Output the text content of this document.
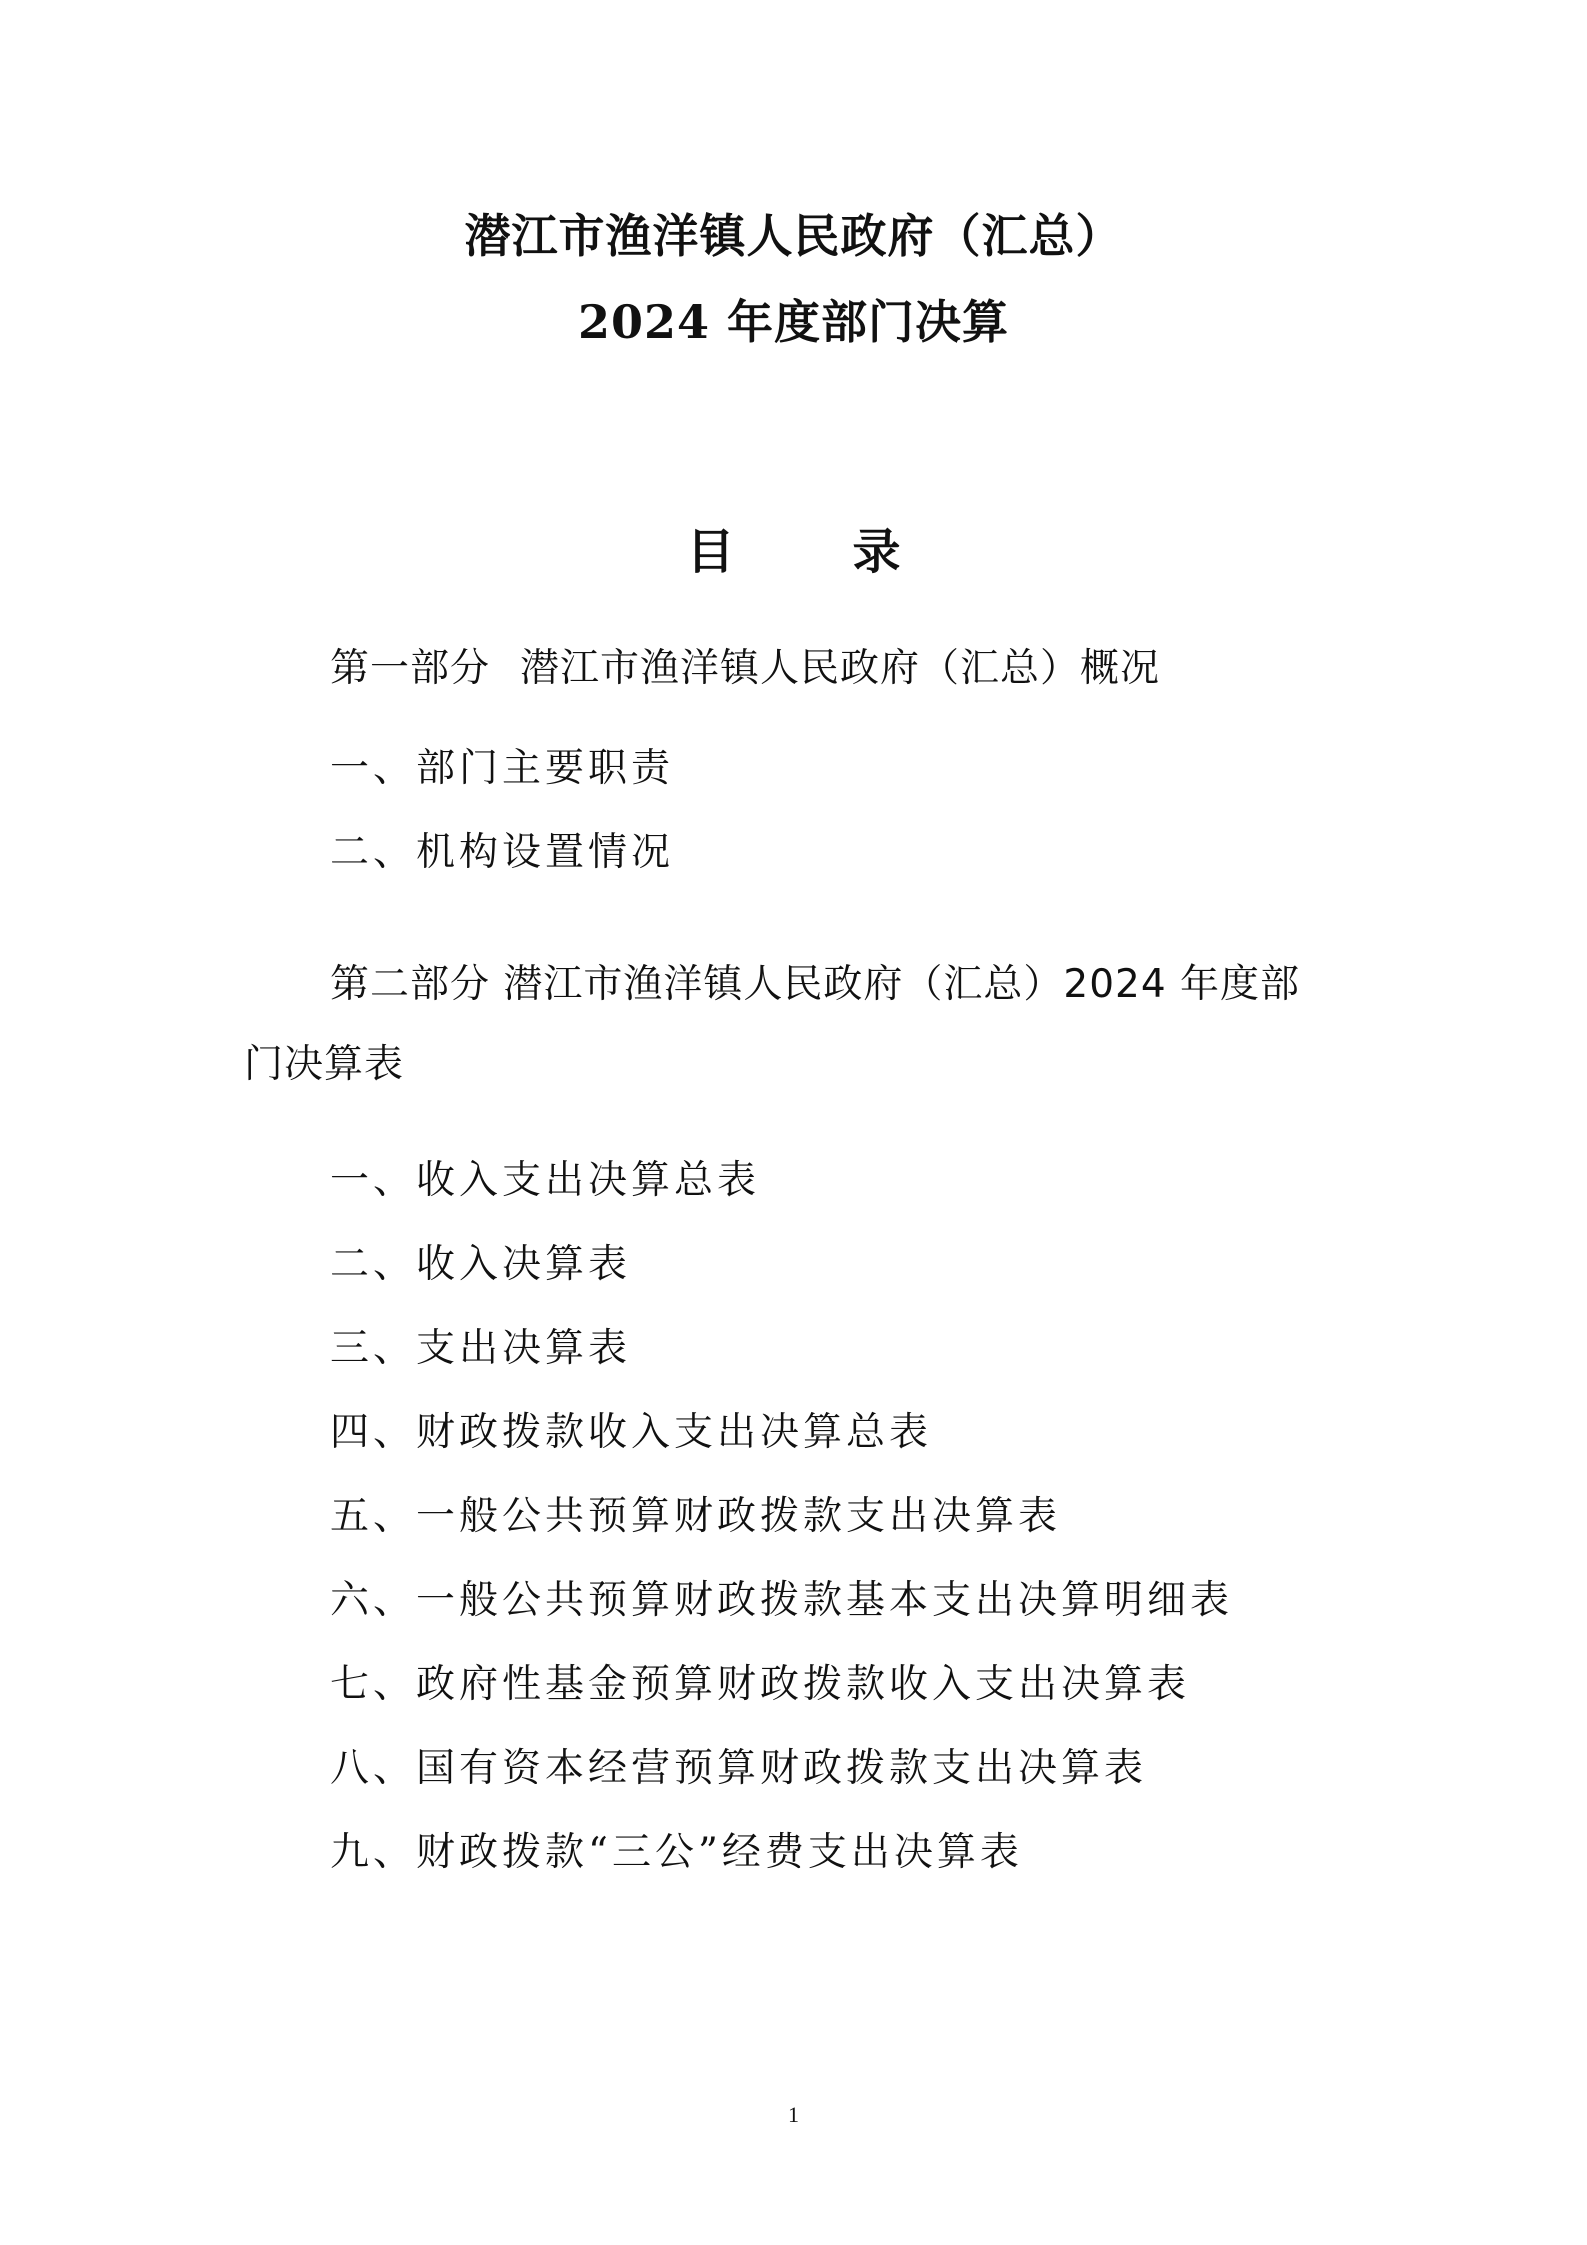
潜江市渔洋镇人民政府（汇总）
2024 年度部门决算
目 录

第一部分 潜江市渔洋镇人民政府（汇总）概况

一、部门主要职责

二、机构设置情况

第二部分 潜江市渔洋镇人民政府（汇总）2024 年度部

门决算表

一、收入支出决算总表

二、收入决算表

三、支出决算表

四、财政拨款收入支出决算总表

五、一般公共预算财政拨款支出决算表

六、一般公共预算财政拨款基本支出决算明细表

七、政府性基金预算财政拨款收入支出决算表

八、国有资本经营预算财政拨款支出决算表

九、财政拨款“三公”经费支出决算表

1
